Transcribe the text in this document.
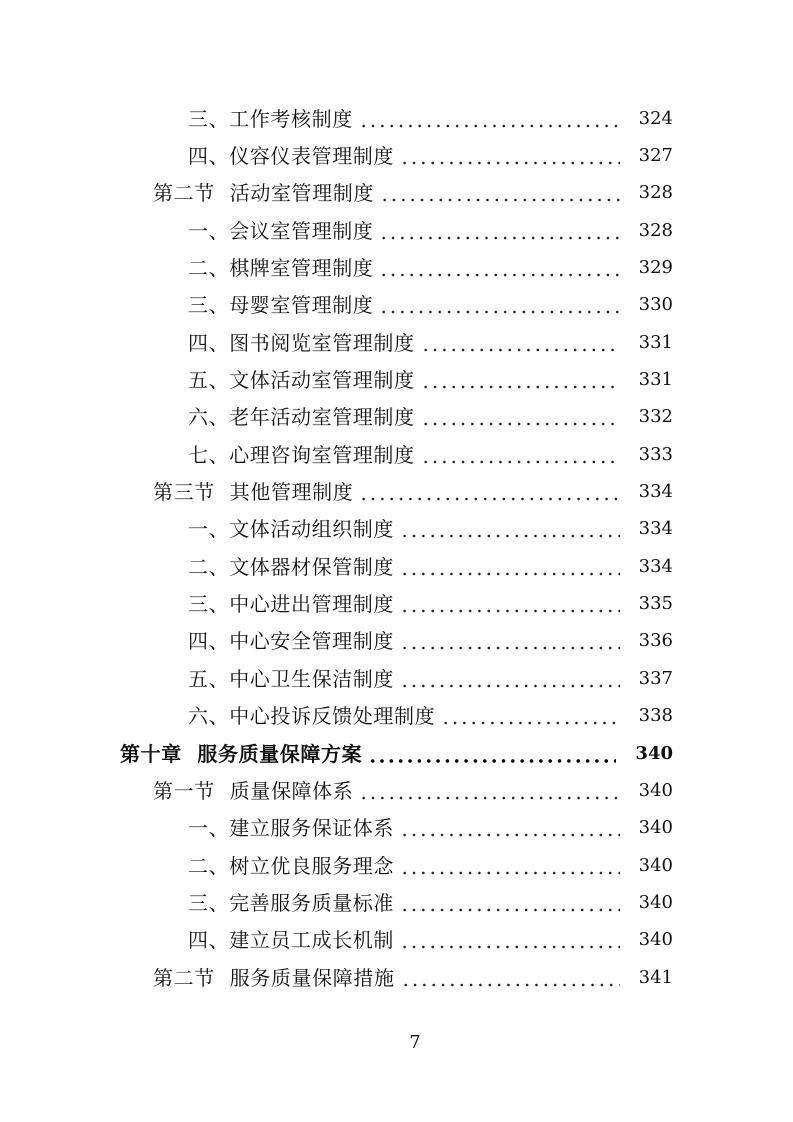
三、工作考核制度	324
四、仪容仪表管理制度	327
第二节 活动室管理制度	328
一、会议室管理制度	328
二、棋牌室管理制度	329
三、母婴室管理制度	330
四、图书阅览室管理制度	331
五、文体活动室管理制度	331
六、老年活动室管理制度	332
七、心理咨询室管理制度	333
第三节 其他管理制度	334
一、文体活动组织制度	334
二、文体器材保管制度	334
三、中心进出管理制度	335
四、中心安全管理制度	336
五、中心卫生保洁制度	337
六、中心投诉反馈处理制度	338
第十章 服务质量保障方案	340
第一节 质量保障体系	340
一、建立服务保证体系	340
二、树立优良服务理念	340
三、完善服务质量标准	340
四、建立员工成长机制	340
第二节 服务质量保障措施	341
7
